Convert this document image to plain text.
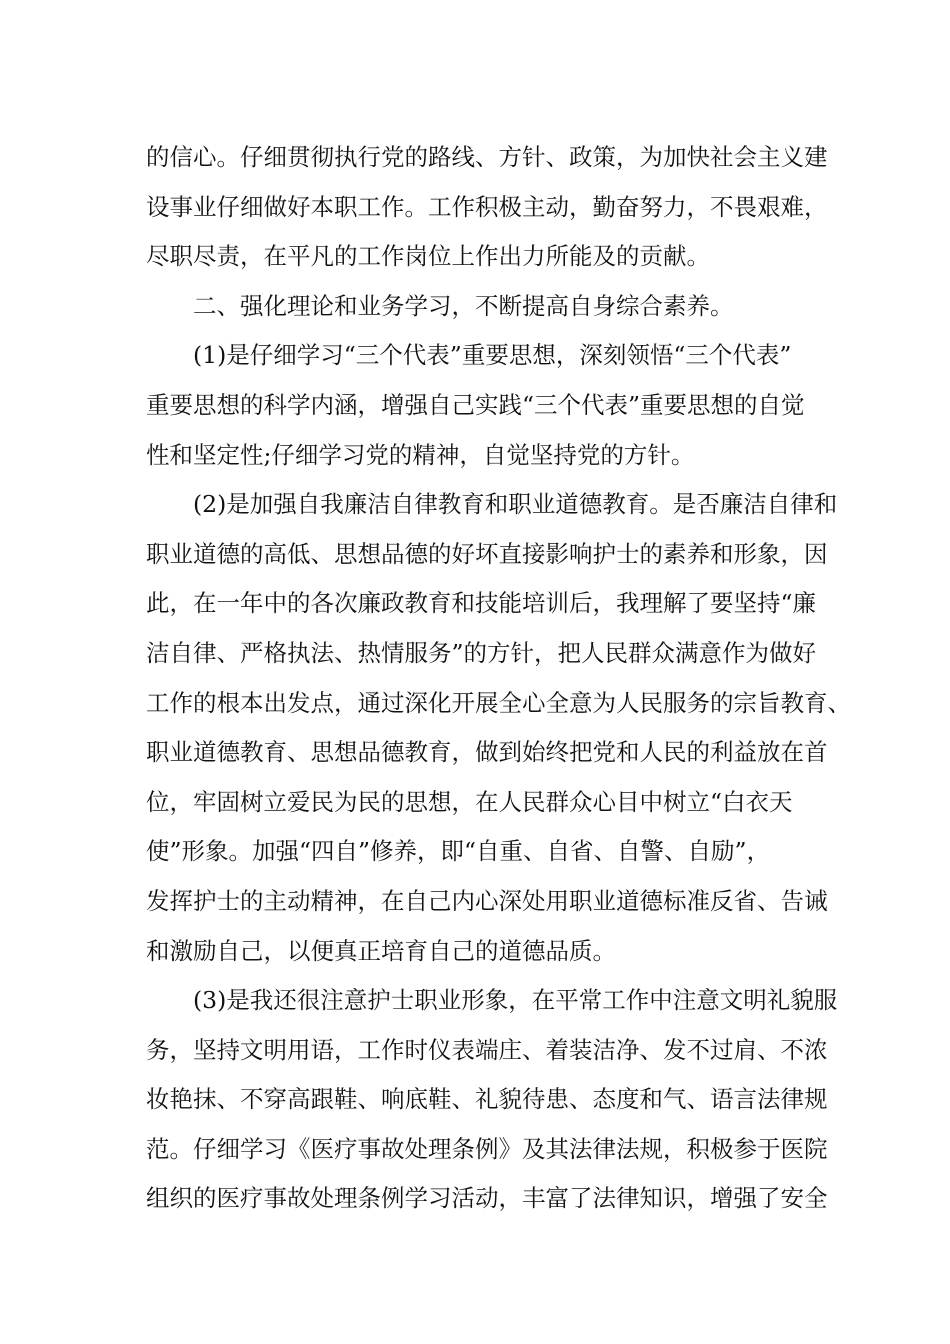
的信心。仔细贯彻执行党的路线、方针、政策，为加快社会主义建
设事业仔细做好本职工作。工作积极主动，勤奋努力，不畏艰难，
尽职尽责，在平凡的工作岗位上作出力所能及的贡献。
二、强化理论和业务学习，不断提高自身综合素养。
(1)是仔细学习“三个代表”重要思想，深刻领悟“三个代表”
重要思想的科学内涵，增强自己实践“三个代表”重要思想的自觉
性和坚定性;仔细学习党的精神，自觉坚持党的方针。
(2)是加强自我廉洁自律教育和职业道德教育。是否廉洁自律和
职业道德的高低、思想品德的好坏直接影响护士的素养和形象，因
此，在一年中的各次廉政教育和技能培训后，我理解了要坚持“廉
洁自律、严格执法、热情服务”的方针，把人民群众满意作为做好
工作的根本出发点，通过深化开展全心全意为人民服务的宗旨教育、
职业道德教育、思想品德教育，做到始终把党和人民的利益放在首
位，牢固树立爱民为民的思想，在人民群众心目中树立“白衣天
使”形象。加强“四自”修养，即“自重、自省、自警、自励”，
发挥护士的主动精神，在自己内心深处用职业道德标准反省、告诫
和激励自己，以便真正培育自己的道德品质。
(3)是我还很注意护士职业形象，在平常工作中注意文明礼貌服
务，坚持文明用语，工作时仪表端庄、着装洁净、发不过肩、不浓
妆艳抹、不穿高跟鞋、响底鞋、礼貌待患、态度和气、语言法律规
范。仔细学习《医疗事故处理条例》及其法律法规，积极参于医院
组织的医疗事故处理条例学习活动，丰富了法律知识，增强了安全
